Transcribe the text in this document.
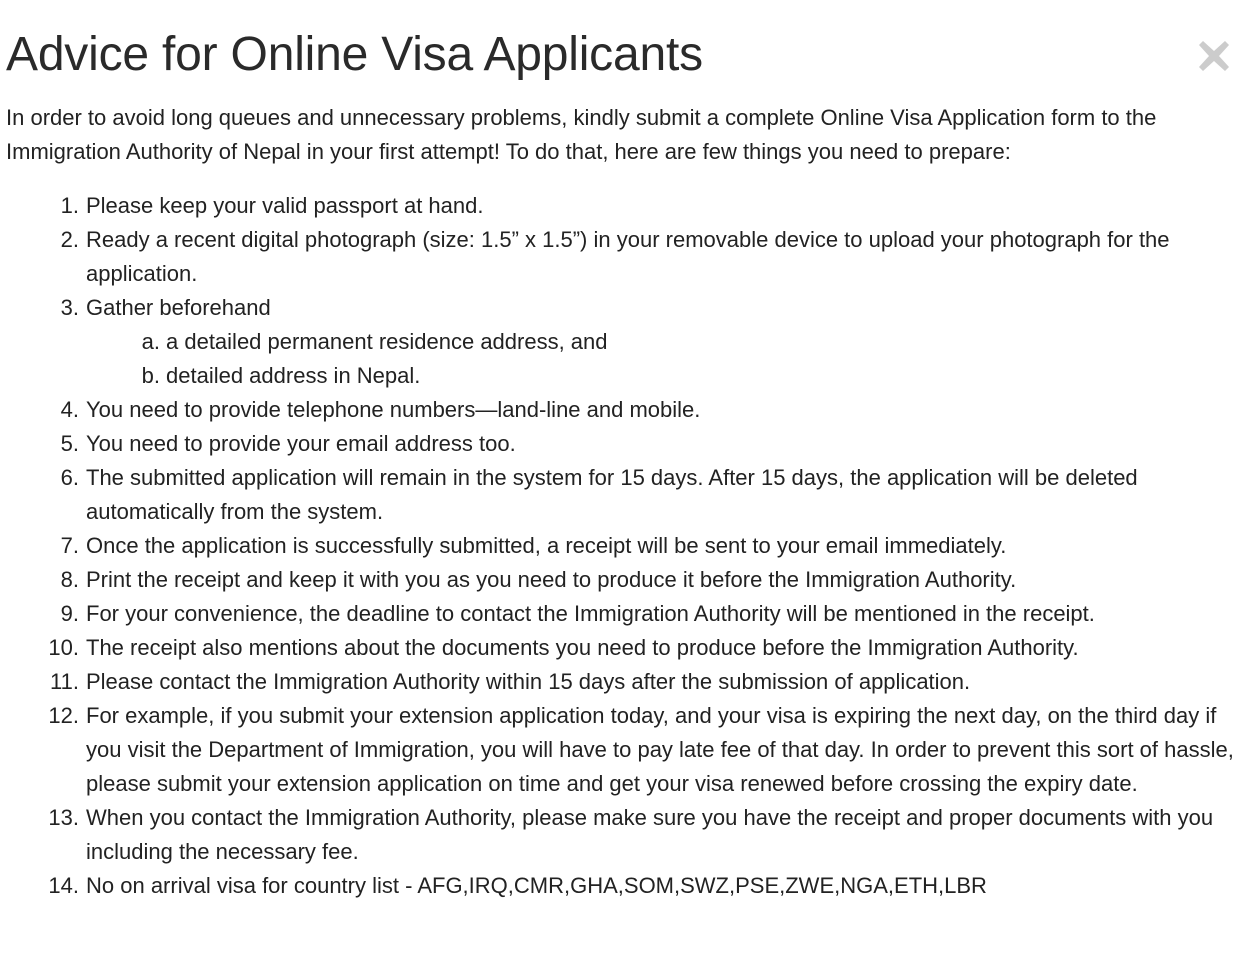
Advice for Online Visa Applicants

In order to avoid long queues and unnecessary problems, kindly submit a complete Online Visa Application form to the Immigration Authority of Nepal in your first attempt! To do that, here are few things you need to prepare:

Please keep your valid passport at hand.
Ready a recent digital photograph (size: 1.5” x 1.5”) in your removable device to upload your photograph for the application.
Gather beforehand
a detailed permanent residence address, and
detailed address in Nepal.
You need to provide telephone numbers—land-line and mobile.
You need to provide your email address too.
The submitted application will remain in the system for 15 days. After 15 days, the application will be deleted automatically from the system.
Once the application is successfully submitted, a receipt will be sent to your email immediately.
Print the receipt and keep it with you as you need to produce it before the Immigration Authority.
For your convenience, the deadline to contact the Immigration Authority will be mentioned in the receipt.
The receipt also mentions about the documents you need to produce before the Immigration Authority.
Please contact the Immigration Authority within 15 days after the submission of application.
For example, if you submit your extension application today, and your visa is expiring the next day, on the third day if you visit the Department of Immigration, you will have to pay late fee of that day. In order to prevent this sort of hassle, please submit your extension application on time and get your visa renewed before crossing the expiry date.
When you contact the Immigration Authority, please make sure you have the receipt and proper documents with you including the necessary fee.
No on arrival visa for country list - AFG,IRQ,CMR,GHA,SOM,SWZ,PSE,ZWE,NGA,ETH,LBR
